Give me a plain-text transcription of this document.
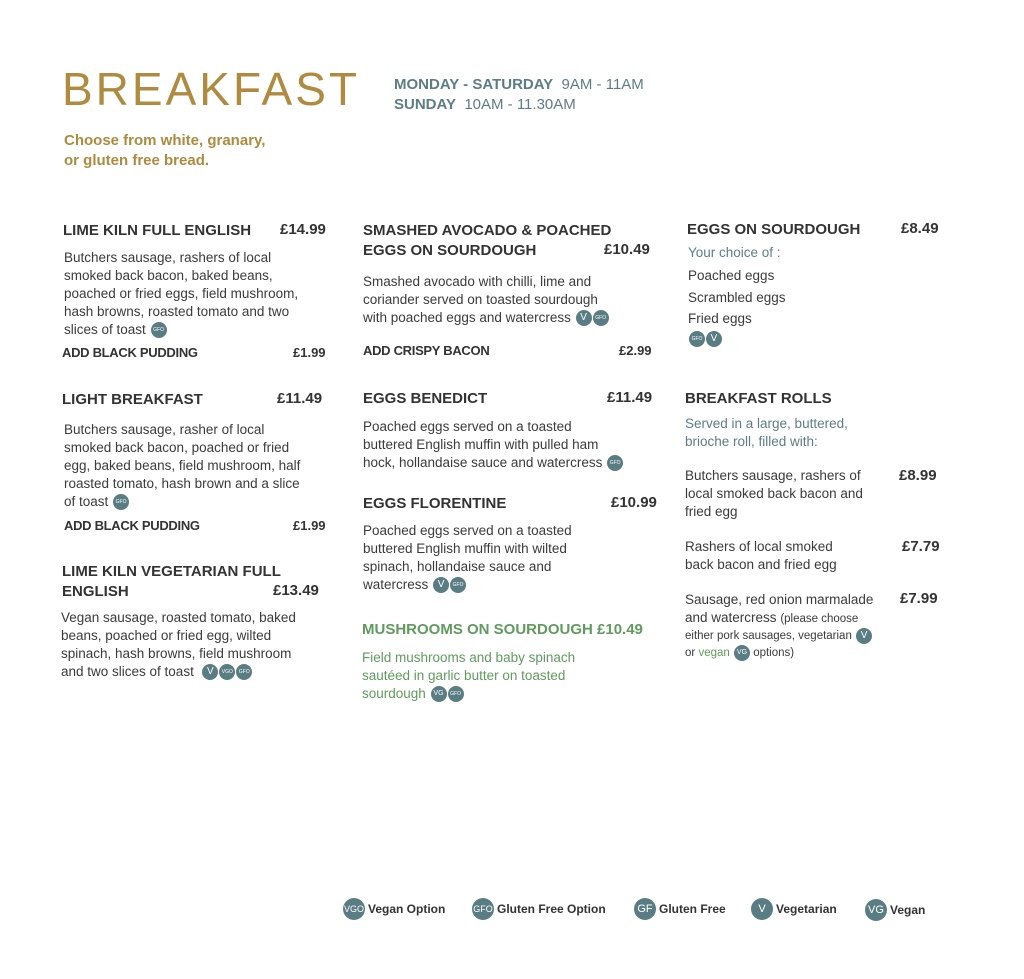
BREAKFAST MONDAY - SATURDAY 9AM - 11AM
SUNDAY 10AM - 11.30AM
Choose from white, granary,
or gluten free bread.
LIME KILN FULL ENGLISH £14.99
Butchers sausage, rashers of local
smoked back bacon, baked beans,
poached or fried eggs, field mushroom,
hash browns, roasted tomato and two
slices of toast GFO
ADD BLACK PUDDING	£1.99
LIGHT BREAKFAST	£11.49
Butchers sausage, rasher of local
smoked back bacon, poached or fried
egg, baked beans, field mushroom, half
roasted tomato, hash brown and a slice
of toast GFO
ADD BLACK PUDDING	£1.99
LIME KILN VEGETARIAN FULL
ENGLISH	£13.49
Vegan sausage, roasted tomato, baked
beans, poached or fried egg, wilted
spinach, hash browns, field mushroom
and two slices of toast V VGO GFO
SMASHED AVOCADO & POACHED
EGGS ON SOURDOUGH	£10.49
Smashed avocado with chilli, lime and
coriander served on toasted sourdough
with poached eggs and watercress V GFO
ADD CRISPY BACON	£2.99
EGGS BENEDICT	£11.49
Poached eggs served on a toasted
buttered English muffin with pulled ham
hock, hollandaise sauce and watercress GFO
EGGS FLORENTINE	£10.99
Poached eggs served on a toasted
buttered English muffin with wilted
spinach, hollandaise sauce and
watercress V GFO
MUSHROOMS ON SOURDOUGH £10.49
Field mushrooms and baby spinach
sautéed in garlic butter on toasted
sourdough VG GFO
EGGS ON SOURDOUGH	£8.49
Your choice of :
Poached eggs
Scrambled eggs
Fried eggs
GFO V
BREAKFAST ROLLS
Served in a large, buttered,
brioche roll, filled with:
Butchers sausage, rashers of
local smoked back bacon and
fried egg
£8.99
Rashers of local smoked
back bacon and fried egg
£7.79
Sausage, red onion marmalade
and watercress (please choose
either pork sausages, vegetarian V
or vegan VG options)
£7.99
VGO Vegan Option	GFO Gluten Free Option	GF Gluten Free	V Vegetarian	VG Vegan
